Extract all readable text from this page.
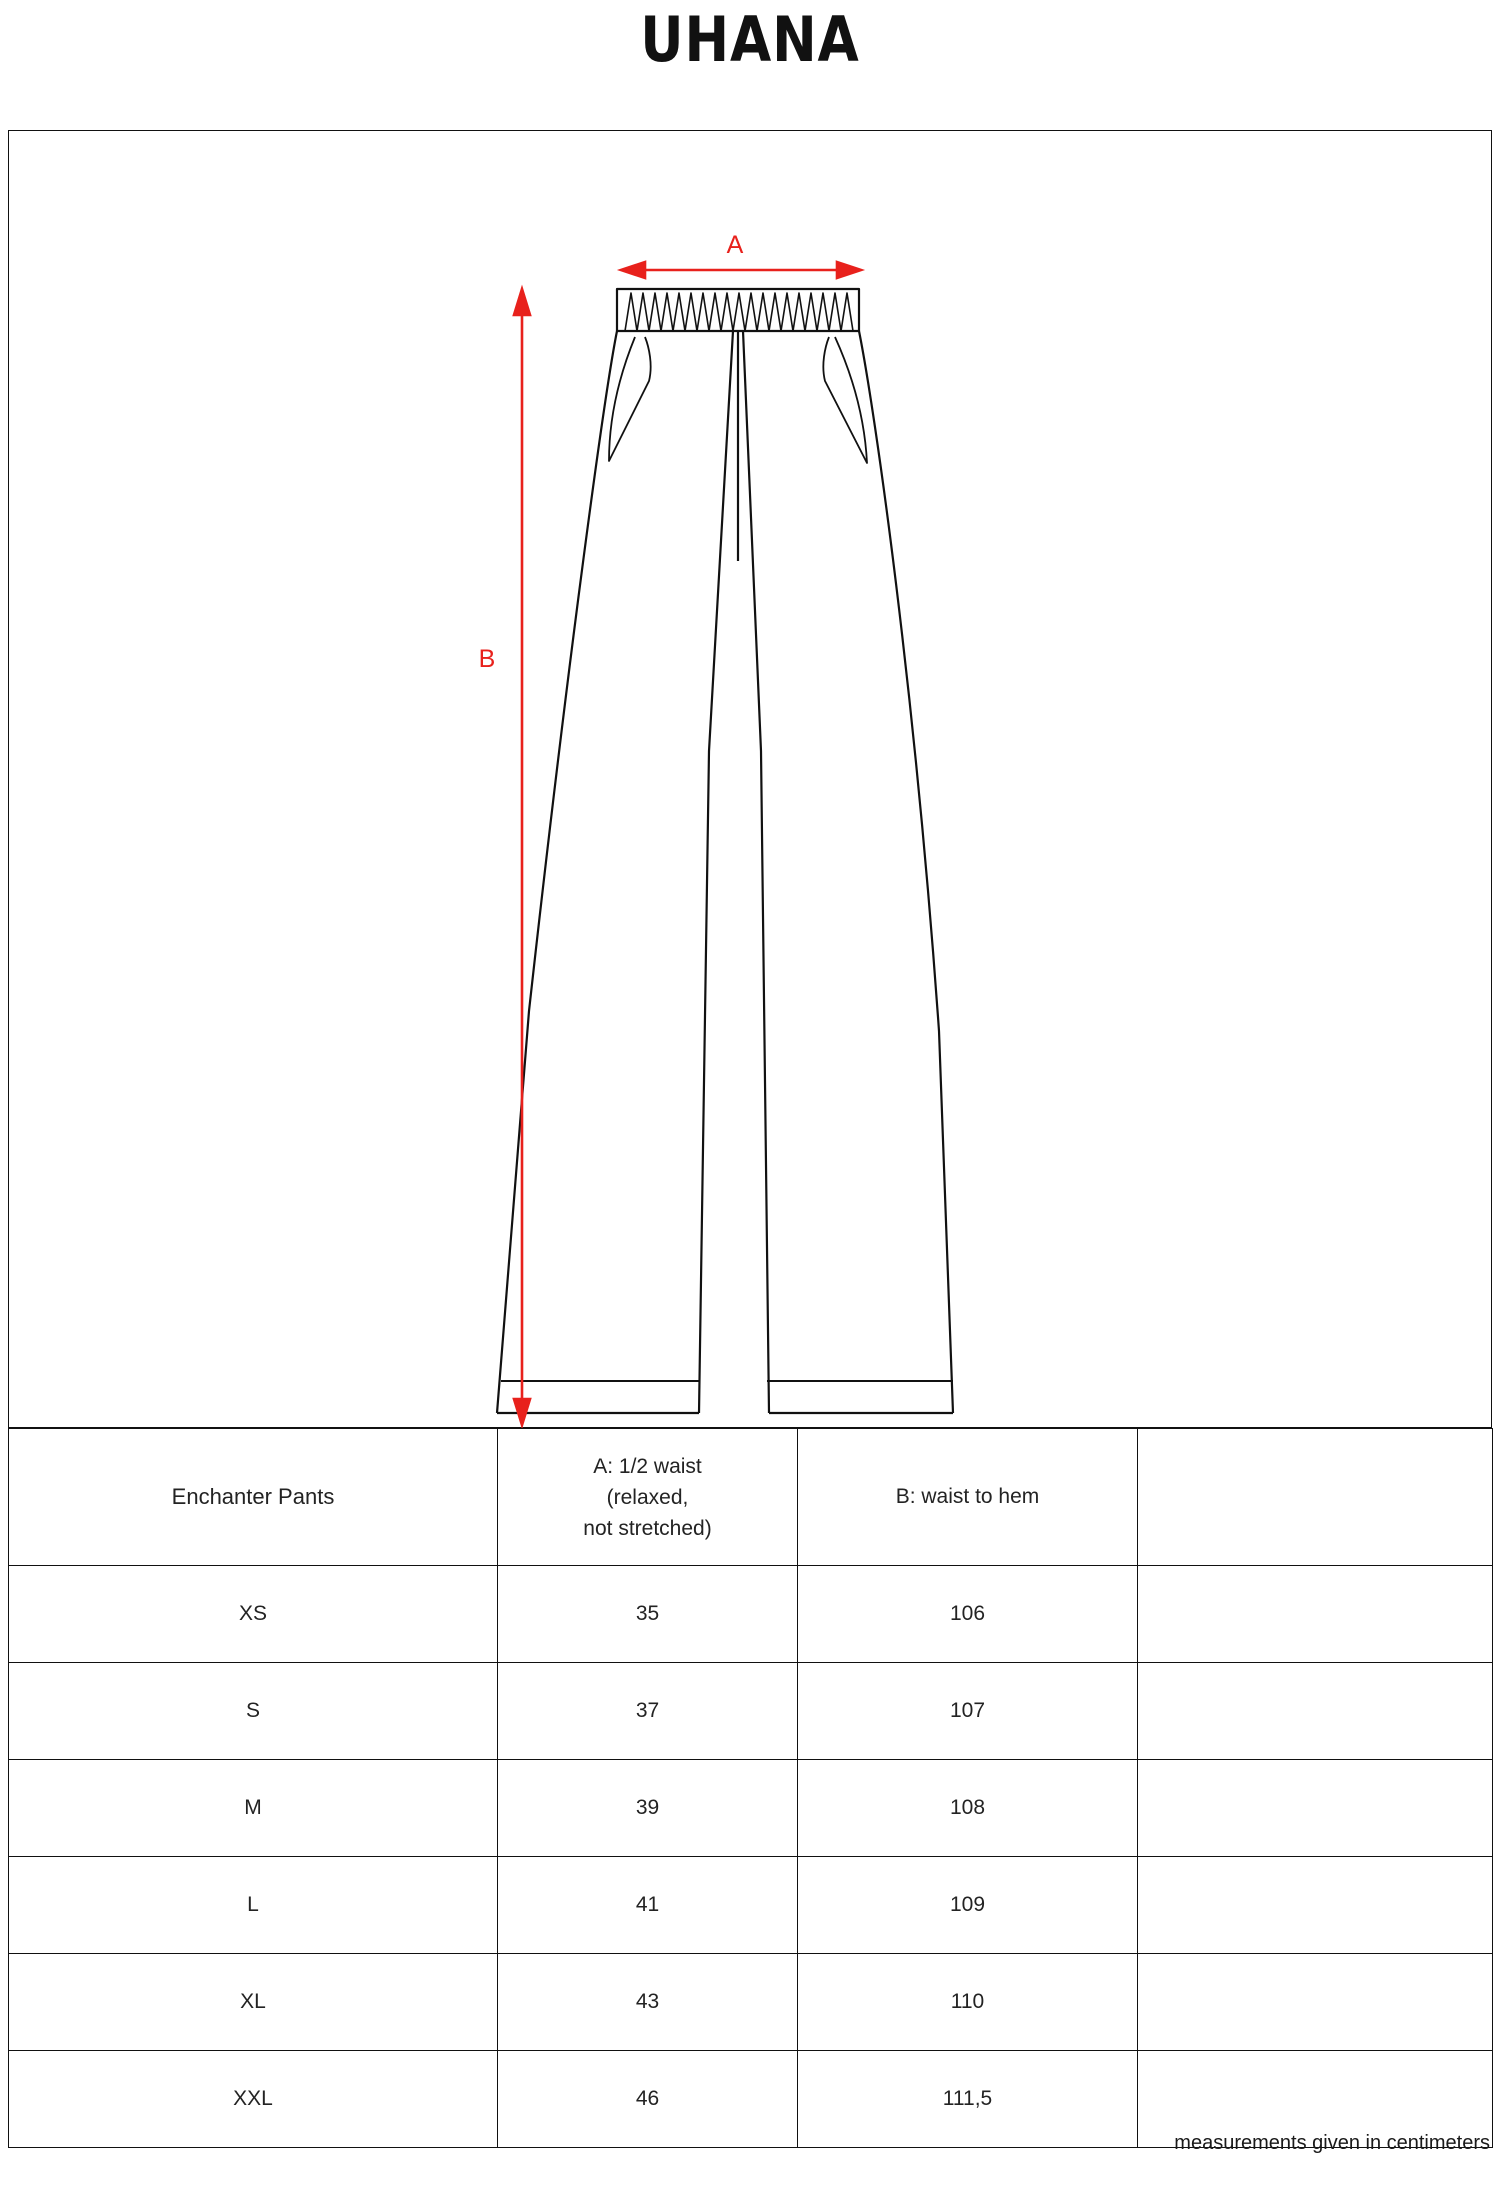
UHANA
A
B
Enchanter Pants	A: 1/2 waist
(relaxed,
not stretched)	B: waist to hem	
XS	35	106	
S	37	107	
M	39	108	
L	41	109	
XL	43	110	
XXL	46	111,5	
measurements given in centimeters
